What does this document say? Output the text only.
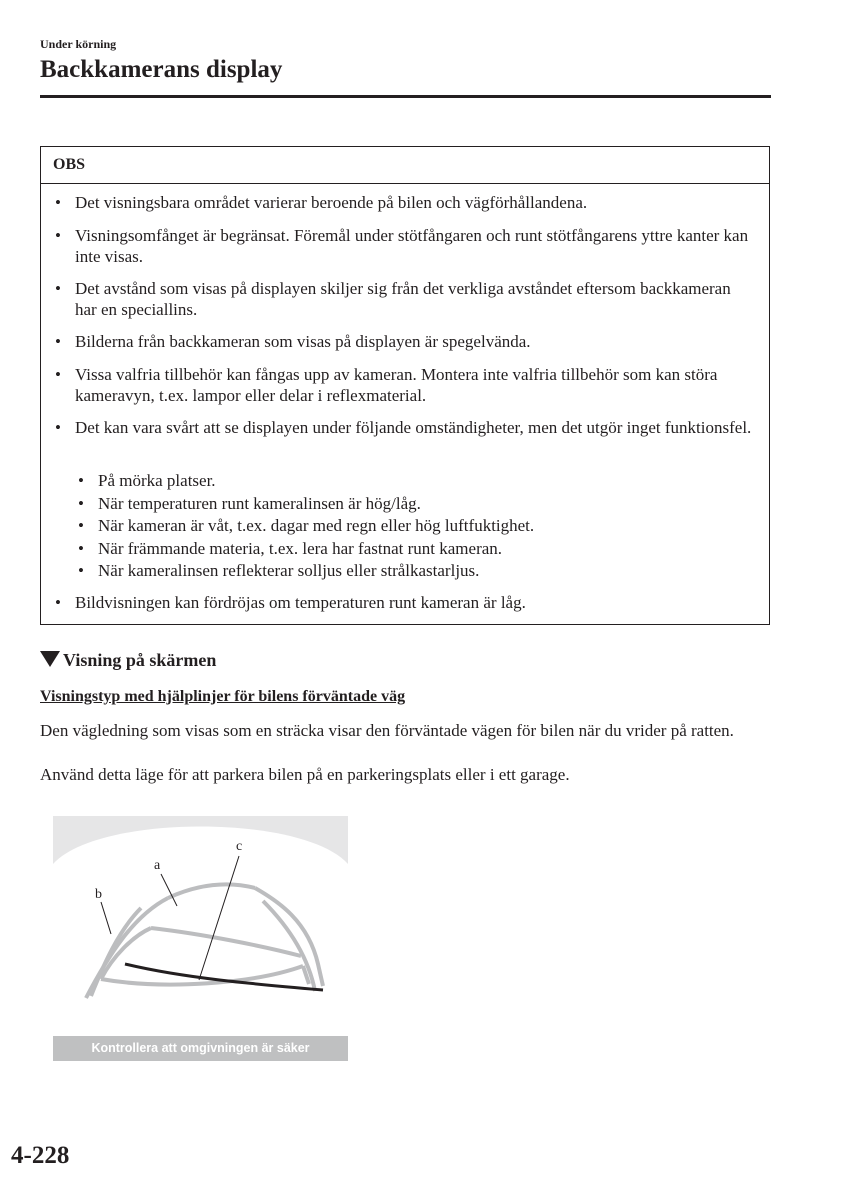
Under körning
Backkamerans display
OBS
• Det visningsbara området varierar beroende på bilen och vägförhållandena.
• Visningsomfånget är begränsat. Föremål under stötfångaren och runt stötfångarens yttre kanter kan inte visas.
• Det avstånd som visas på displayen skiljer sig från det verkliga avståndet eftersom backkameran har en speciallins.
• Bilderna från backkameran som visas på displayen är spegelvända.
• Vissa valfria tillbehör kan fångas upp av kameran. Montera inte valfria tillbehör som kan störa kameravyn, t.ex. lampor eller delar i reflexmaterial.
• Det kan vara svårt att se displayen under följande omständigheter, men det utgör inget funktionsfel.
• Bildvisningen kan fördröjas om temperaturen runt kameran är låg.
• På mörka platser.
• När temperaturen runt kameralinsen är hög/låg.
• När kameran är våt, t.ex. dagar med regn eller hög luftfuktighet.
• När främmande materia, t.ex. lera har fastnat runt kameran.
• När kameralinsen reflekterar solljus eller strålkastarljus.
Visning på skärmen
Visningstyp med hjälplinjer för bilens förväntade väg
Den vägledning som visas som en sträcka visar den förväntade vägen för bilen när du vrider på ratten.
Använd detta läge för att parkera bilen på en parkeringsplats eller i ett garage.
a
b
c
Kontrollera att omgivningen är säker
4-228
